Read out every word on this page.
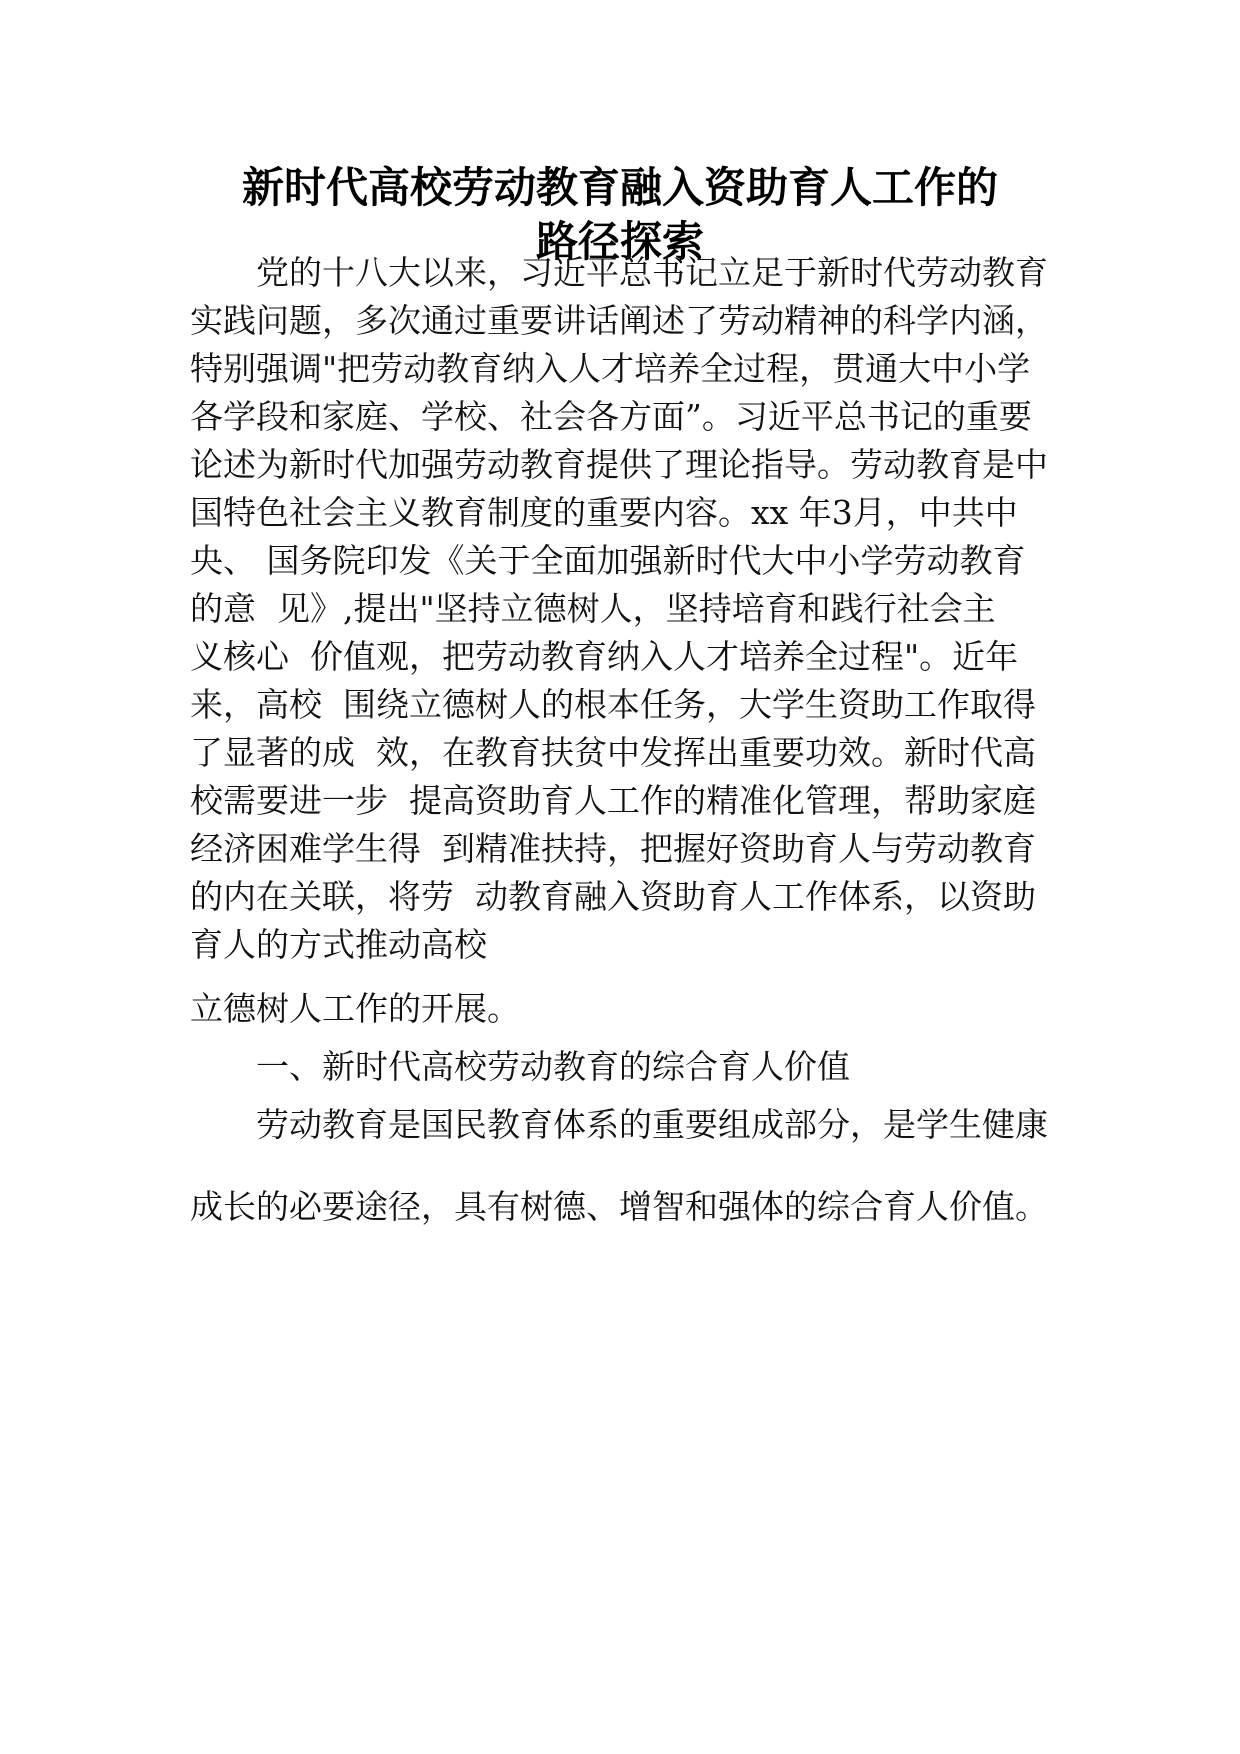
新时代高校劳动教育融入资助育人工作的
路径探索

党的十八大以来，习近平总书记立足于新时代劳动教育

实践问题，多次通过重要讲话阐述了劳动精神的科学内涵，

特别强调"把劳动教育纳入人才培养全过程，贯通大中小学

各学段和家庭、学校、社会各方面”。习近平总书记的重要

论述为新时代加强劳动教育提供了理论指导。劳动教育是中

国特色社会主义教育制度的重要内容。xx 年3月，中共中

央、 国务院印发《关于全面加强新时代大中小学劳动教育

的意  见》,提出"坚持立德树人，坚持培育和践行社会主

义核心  价值观，把劳动教育纳入人才培养全过程"。近年

来，高校  围绕立德树人的根本任务，大学生资助工作取得

了显著的成  效，在教育扶贫中发挥出重要功效。新时代高

校需要进一步  提高资助育人工作的精准化管理，帮助家庭

经济困难学生得  到精准扶持，把握好资助育人与劳动教育

的内在关联，将劳  动教育融入资助育人工作体系，以资助

育人的方式推动高校

立德树人工作的开展。

一、新时代高校劳动教育的综合育人价值

劳动教育是国民教育体系的重要组成部分，是学生健康

成长的必要途径，具有树德、增智和强体的综合育人价值。
